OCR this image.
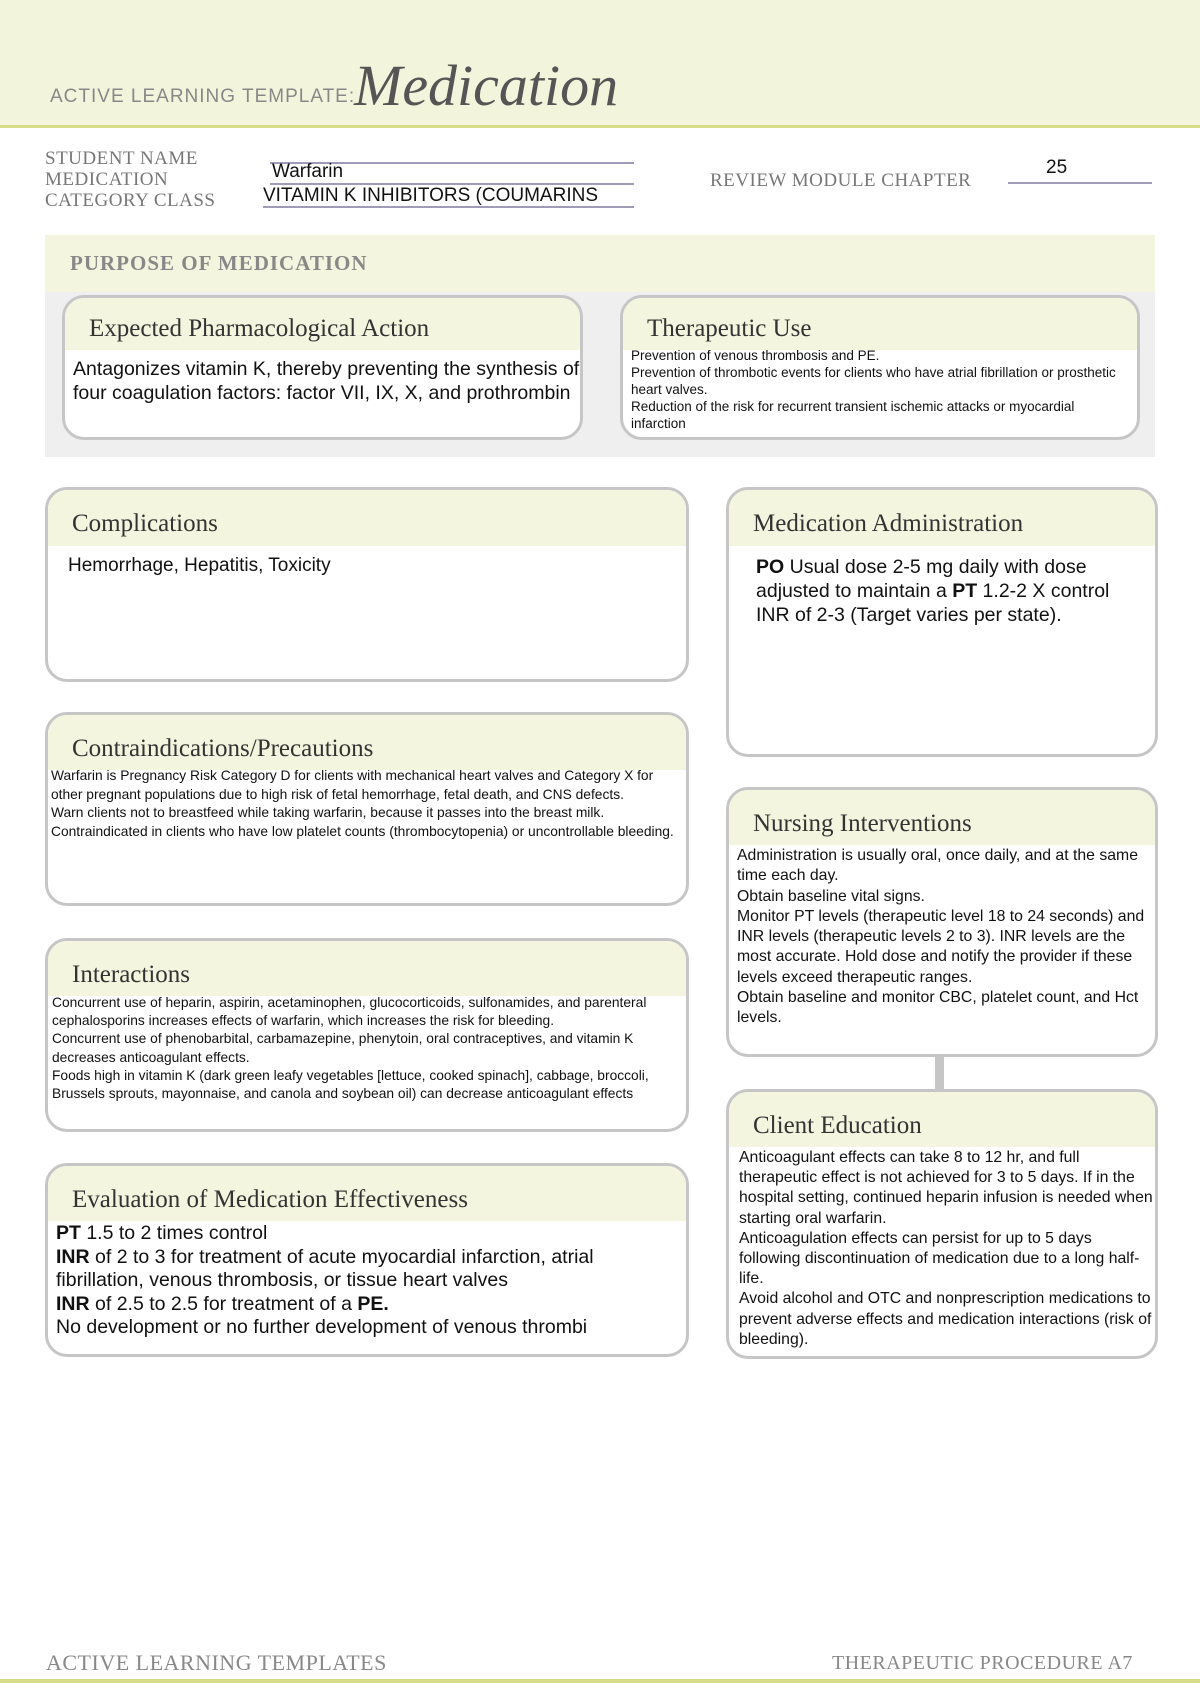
ACTIVE LEARNING TEMPLATE:
Medication
STUDENT NAME
MEDICATION
CATEGORY CLASS
Warfarin
VITAMIN K INHIBITORS (COUMARINS
REVIEW MODULE CHAPTER
25
PURPOSE OF MEDICATION
Expected Pharmacological Action

Antagonizes vitamin K, thereby preventing the synthesis of four coagulation factors: factor VII, IX, X, and prothrombin

Therapeutic Use

Prevention of venous thrombosis and PE.

Prevention of thrombotic events for clients who have atrial fibrillation or prosthetic heart valves.

Reduction of the risk for recurrent transient ischemic attacks or myocardial infarction

Complications

Hemorrhage, Hepatitis, Toxicity

Medication Administration

PO Usual dose 2-5 mg daily with dose adjusted to maintain a PT 1.2-2 X control INR of 2-3 (Target varies per state).

Contraindications/Precautions

Warfarin is Pregnancy Risk Category D for clients with mechanical heart valves and Category X for other pregnant populations due to high risk of fetal hemorrhage, fetal death, and CNS defects.

Warn clients not to breastfeed while taking warfarin, because it passes into the breast milk.

Contraindicated in clients who have low platelet counts (thrombocytopenia) or uncontrollable bleeding.	Nursing Interventions

Administration is usually oral, once daily, and at the same time each day.

Obtain baseline vital signs.

Monitor PT levels (therapeutic level 18 to 24 seconds) and INR levels (therapeutic levels 2 to 3). INR levels are the most accurate. Hold dose and notify the provider if these levels exceed therapeutic ranges.

Obtain baseline and monitor CBC, platelet count, and Hct levels.

Interactions

Concurrent use of heparin, aspirin, acetaminophen, glucocorticoids, sulfonamides, and parenteral cephalosporins increases effects of warfarin, which increases the risk for bleeding.

Concurrent use of phenobarbital, carbamazepine, phenytoin, oral contraceptives, and vitamin K decreases anticoagulant effects.

Foods high in vitamin K (dark green leafy vegetables [lettuce, cooked spinach], cabbage, broccoli, Brussels sprouts, mayonnaise, and canola and soybean oil) can decrease anticoagulant effects

Client Education

Anticoagulant effects can take 8 to 12 hr, and full therapeutic effect is not achieved for 3 to 5 days. If in the hospital setting, continued heparin infusion is needed when starting oral warfarin.

Anticoagulation effects can persist for up to 5 days following discontinuation of medication due to a long half-life.

Avoid alcohol and OTC and nonprescription medications to prevent adverse effects and medication interactions (risk of bleeding).

Evaluation of Medication Effectiveness

PT 1.5 to 2 times control

INR of 2 to 3 for treatment of acute myocardial infarction, atrial fibrillation, venous thrombosis, or tissue heart valves

INR of 2.5 to 2.5 for treatment of a PE.

No development or no further development of venous thrombi

ACTIVE LEARNING TEMPLATES	THERAPEUTIC PROCEDURE A7
